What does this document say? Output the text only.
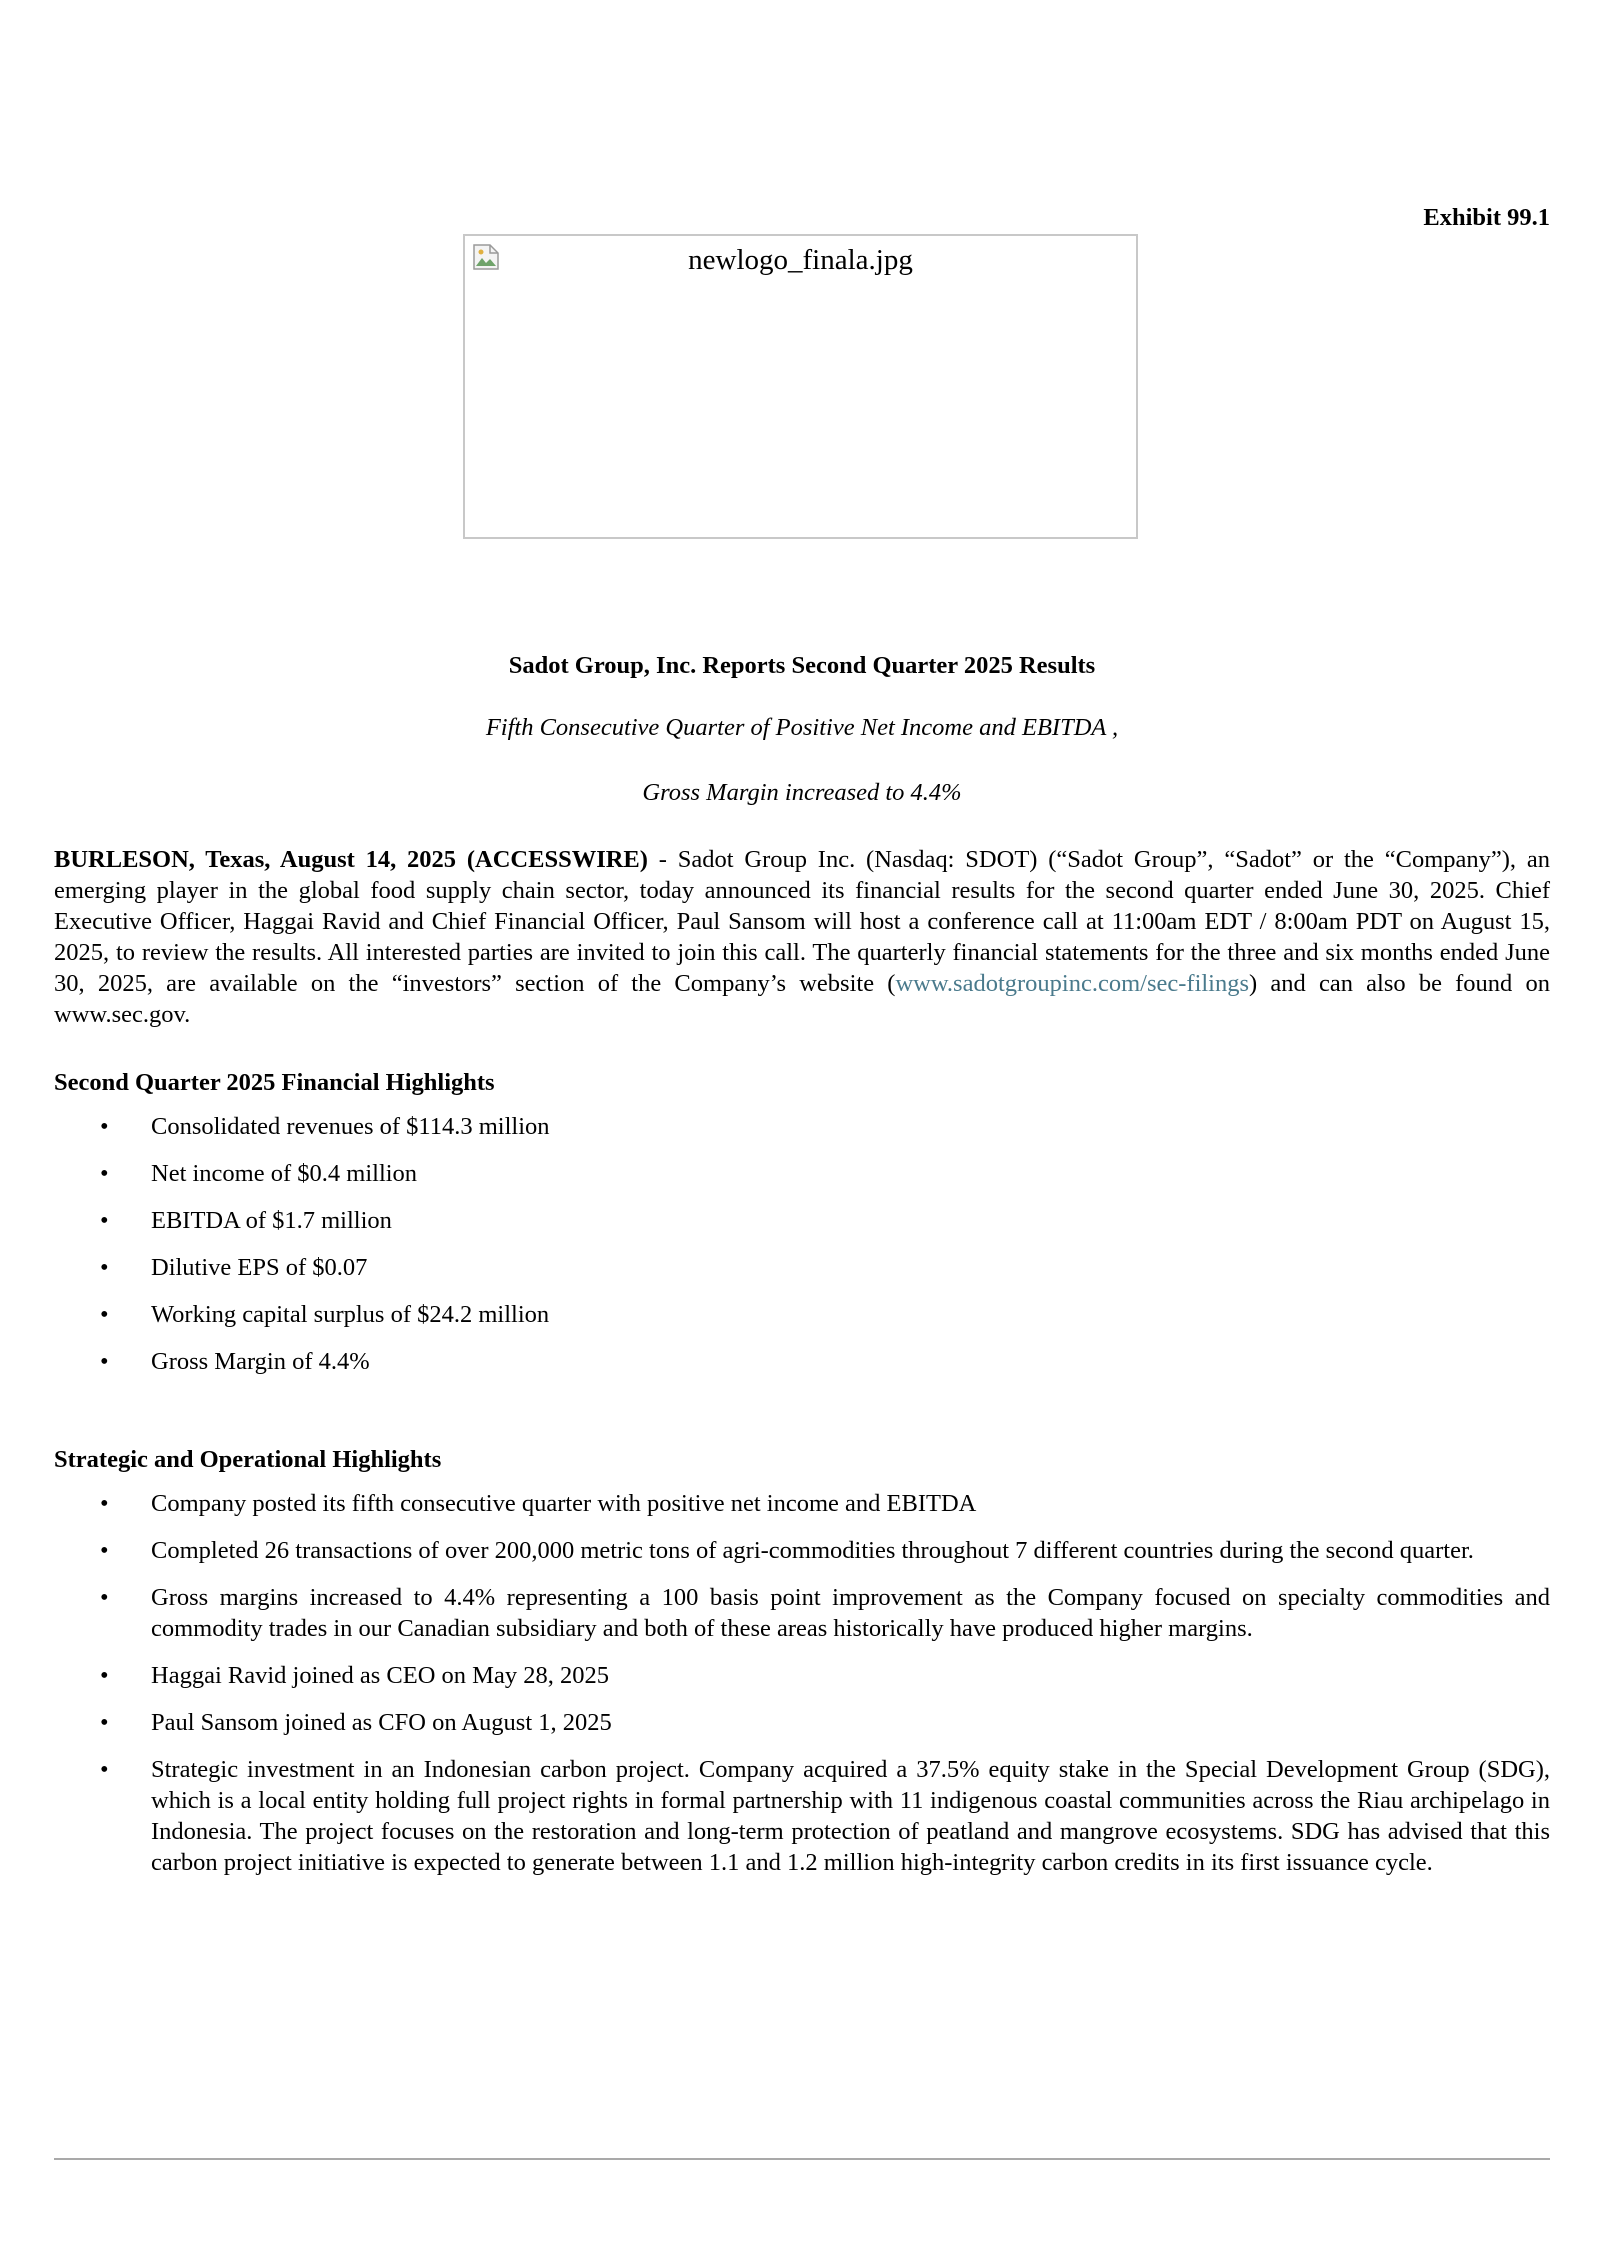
Exhibit 99.1
newlogo_finala.jpg
Sadot Group, Inc. Reports Second Quarter 2025 Results
Fifth Consecutive Quarter of Positive Net Income and EBITDA ,
Gross Margin increased to 4.4%

BURLESON, Texas, August 14, 2025 (ACCESSWIRE) - Sadot Group Inc. (Nasdaq: SDOT) (“Sadot Group”, “Sadot” or the “Company”), an emerging player in the global food supply chain sector, today announced its financial results for the second quarter ended June 30, 2025. Chief Executive Officer, Haggai Ravid and Chief Financial Officer, Paul Sansom will host a conference call at 11:00am EDT / 8:00am PDT on August 15, 2025, to review the results. All interested parties are invited to join this call. The quarterly financial statements for the three and six months ended June 30, 2025, are available on the “investors” section of the Company’s website (www.sadotgroupinc.com/sec-filings) and can also be found on www.sec.gov.

Second Quarter 2025 Financial Highlights
• Consolidated revenues of $114.3 million
• Net income of $0.4 million
• EBITDA of $1.7 million
• Dilutive EPS of $0.07
• Working capital surplus of $24.2 million
• Gross Margin of 4.4%
Strategic and Operational Highlights
• Company posted its fifth consecutive quarter with positive net income and EBITDA
• Completed 26 transactions of over 200,000 metric tons of agri-commodities throughout 7 different countries during the second quarter.
• Gross margins increased to 4.4% representing a 100 basis point improvement as the Company focused on specialty commodities and commodity trades in our Canadian subsidiary and both of these areas historically have produced higher margins.
• Haggai Ravid joined as CEO on May 28, 2025
• Paul Sansom joined as CFO on August 1, 2025
• Strategic investment in an Indonesian carbon project. Company acquired a 37.5% equity stake in the Special Development Group (SDG), which is a local entity holding full project rights in formal partnership with 11 indigenous coastal communities across the Riau archipelago in Indonesia. The project focuses on the restoration and long-term protection of peatland and mangrove ecosystems. SDG has advised that this carbon project initiative is expected to generate between 1.1 and 1.2 million high-integrity carbon credits in its first issuance cycle.
